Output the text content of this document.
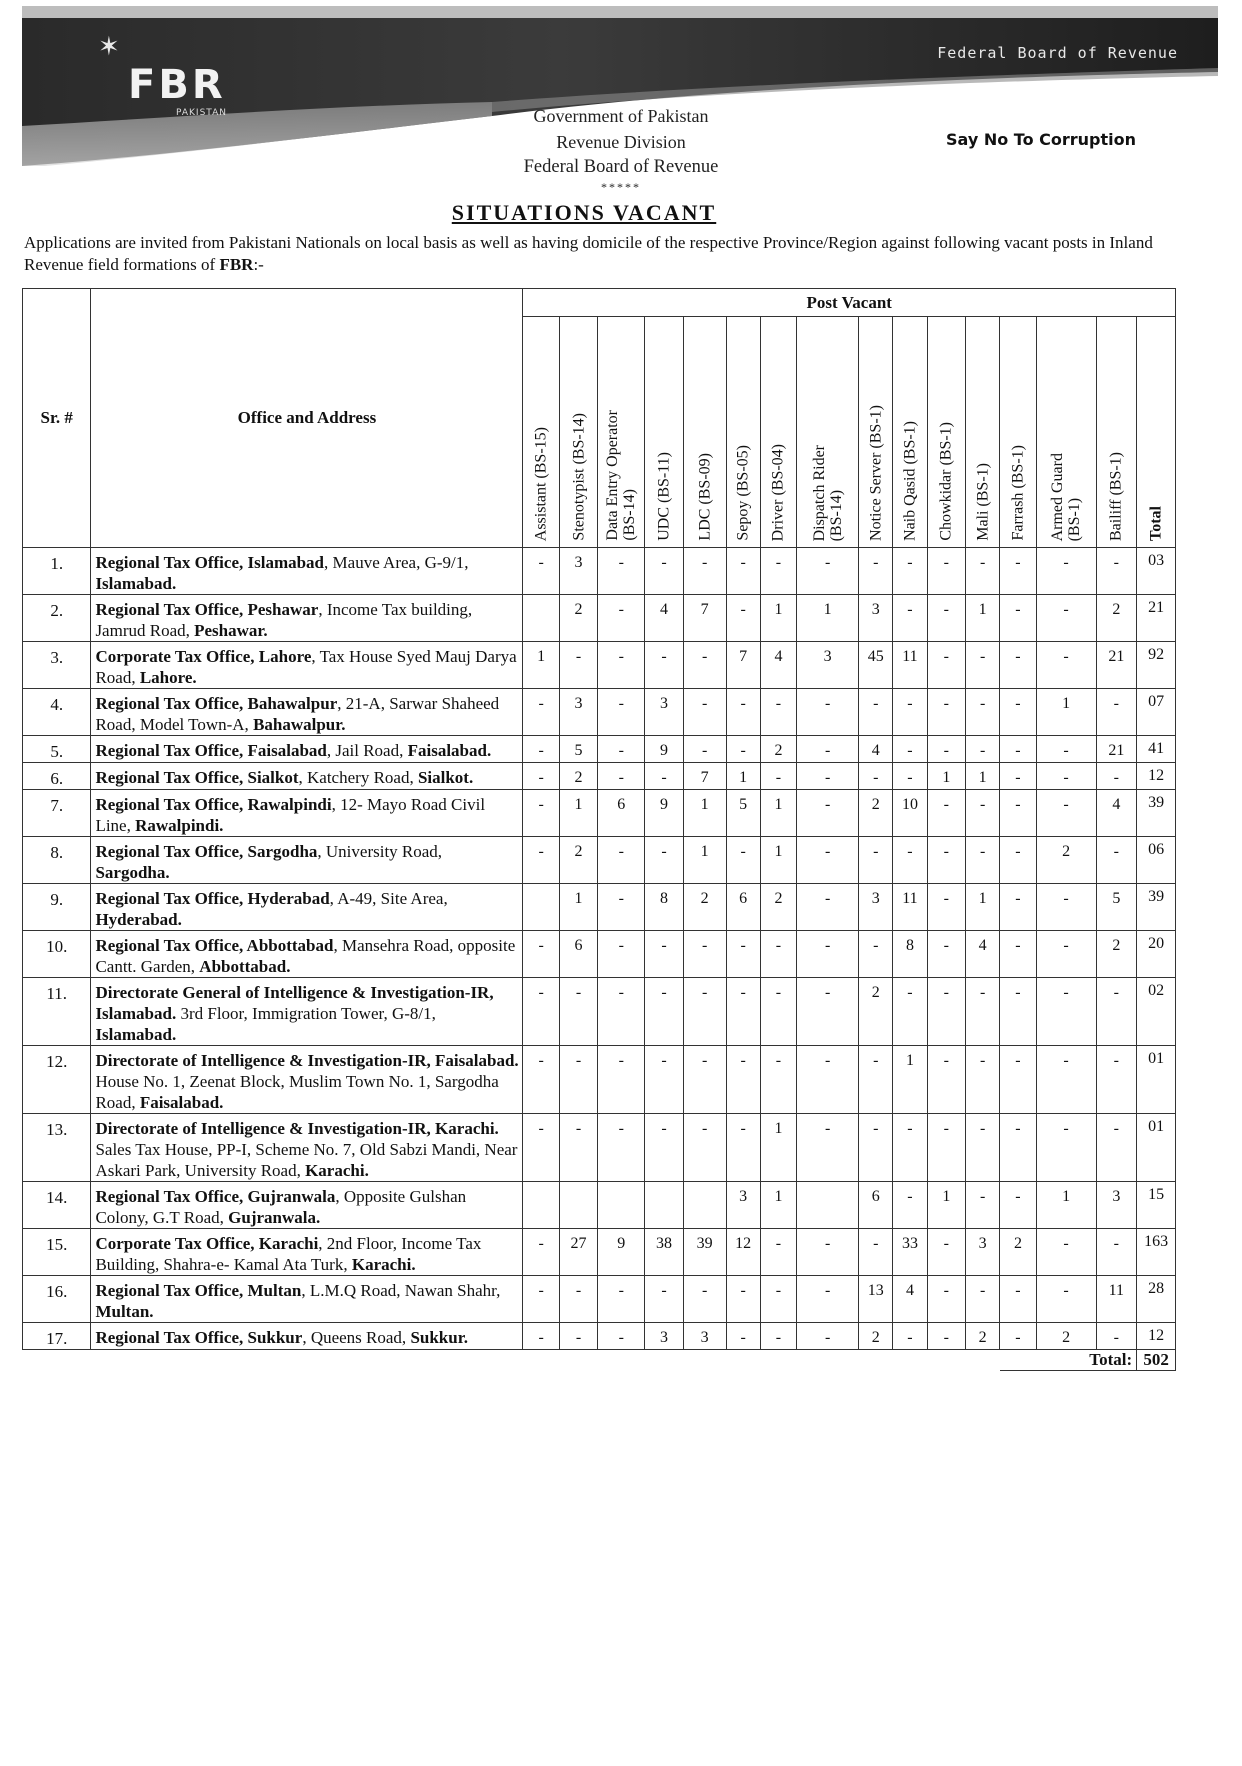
✶
FBR
PAKISTAN
Federal Board of Revenue
Government of Pakistan
Revenue Division
Federal Board of Revenue
*****
Say No To Corruption
SITUATIONS VACANT
Applications are invited from Pakistani Nationals on local basis as well as having domicile of the respective Province/Region against following vacant posts in Inland Revenue field formations of FBR:-
Sr. #	Office and Address	Post Vacant															

		Assistant (BS-15)	Stenotypist (BS-14)	Data Entry Operator
(BS-14)	UDC (BS-11)	LDC (BS-09)	Sepoy (BS-05)	Driver (BS-04)	Dispatch Rider
(BS-14)	Notice Server (BS-1)	Naib Qasid (BS-1)	Chowkidar (BS-1)	Mali (BS-1)	Farrash (BS-1)	Armed Guard
(BS-1)	Bailiff (BS-1)	Total

1.	Regional Tax Office, Islamabad, Mauve Area, G-9/1, Islamabad.	-	3	-	-	-	-	-	-	-	-	-	-	-	-	-	03
2.	Regional Tax Office, Peshawar, Income Tax building, Jamrud Road, Peshawar.		2	-	4	7	-	1	1	3	-	-	1	-	-	2	21
3.	Corporate Tax Office, Lahore, Tax House Syed Mauj Darya Road, Lahore.	1	-	-	-	-	7	4	3	45	11	-	-	-	-	21	92
4.	Regional Tax Office, Bahawalpur, 21-A, Sarwar Shaheed Road, Model Town-A, Bahawalpur.	-	3	-	3	-	-	-	-	-	-	-	-	-	1	-	07
5.	Regional Tax Office, Faisalabad, Jail Road, Faisalabad.	-	5	-	9	-	-	2	-	4	-	-	-	-	-	21	41
6.	Regional Tax Office, Sialkot, Katchery Road, Sialkot.	-	2	-	-	7	1	-	-	-	-	1	1	-	-	-	12
7.	Regional Tax Office, Rawalpindi, 12- Mayo Road Civil Line, Rawalpindi.	-	1	6	9	1	5	1	-	2	10	-	-	-	-	4	39
8.	Regional Tax Office, Sargodha, University Road, Sargodha.	-	2	-	-	1	-	1	-	-	-	-	-	-	2	-	06
9.	Regional Tax Office, Hyderabad, A-49, Site Area, Hyderabad.		1	-	8	2	6	2	-	3	11	-	1	-	-	5	39
10.	Regional Tax Office, Abbottabad, Mansehra Road, opposite Cantt. Garden, Abbottabad.	-	6	-	-	-	-	-	-	-	8	-	4	-	-	2	20
11.	Directorate General of Intelligence & Investigation-IR, Islamabad. 3rd Floor, Immigration Tower, G-8/1, Islamabad.	-	-	-	-	-	-	-	-	2	-	-	-	-	-	-	02
12.	Directorate of Intelligence & Investigation-IR, Faisalabad. House No. 1, Zeenat Block, Muslim Town No. 1, Sargodha Road, Faisalabad.	-	-	-	-	-	-	-	-	-	1	-	-	-	-	-	01
13.	Directorate of Intelligence & Investigation-IR, Karachi. Sales Tax House, PP-I, Scheme No. 7, Old Sabzi Mandi, Near Askari Park, University Road, Karachi.	-	-	-	-	-	-	1	-	-	-	-	-	-	-	-	01
14.	Regional Tax Office, Gujranwala, Opposite Gulshan Colony, G.T Road, Gujranwala.						3	1		6	-	1	-	-	1	3	15
15.	Corporate Tax Office, Karachi, 2nd Floor, Income Tax Building, Shahra-e- Kamal Ata Turk, Karachi.	-	27	9	38	39	12	-	-	-	33	-	3	2	-	-	163
16.	Regional Tax Office, Multan, L.M.Q Road, Nawan Shahr, Multan.	-	-	-	-	-	-	-	-	13	4	-	-	-	-	11	28
17.	Regional Tax Office, Sukkur, Queens Road, Sukkur.	-	-	-	3	3	-	-	-	2	-	-	2	-	2	-	12
														Total:			502
